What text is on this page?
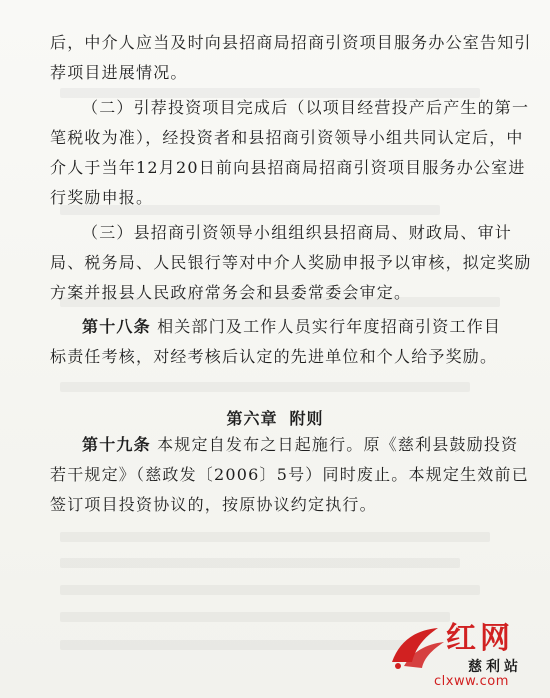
后，中介人应当及时向县招商局招商引资项目服务办公室告知引
荐项目进展情况。
（二）引荐投资项目完成后（以项目经营投产后产生的第一
笔税收为准），经投资者和县招商引资领导小组共同认定后，中
介人于当年12月20日前向县招商局招商引资项目服务办公室进
行奖励申报。
（三）县招商引资领导小组组织县招商局、财政局、审计
局、税务局、人民银行等对中介人奖励申报予以审核，拟定奖励
方案并报县人民政府常务会和县委常委会审定。
第十八条 相关部门及工作人员实行年度招商引资工作目
标责任考核，对经考核后认定的先进单位和个人给予奖励。
第六章 附则
第十九条 本规定自发布之日起施行。原《慈利县鼓励投资
若干规定》（慈政发〔2006〕5号）同时废止。本规定生效前已
签订项目投资协议的，按原协议约定执行。
红网
慈利站
clxww.com
